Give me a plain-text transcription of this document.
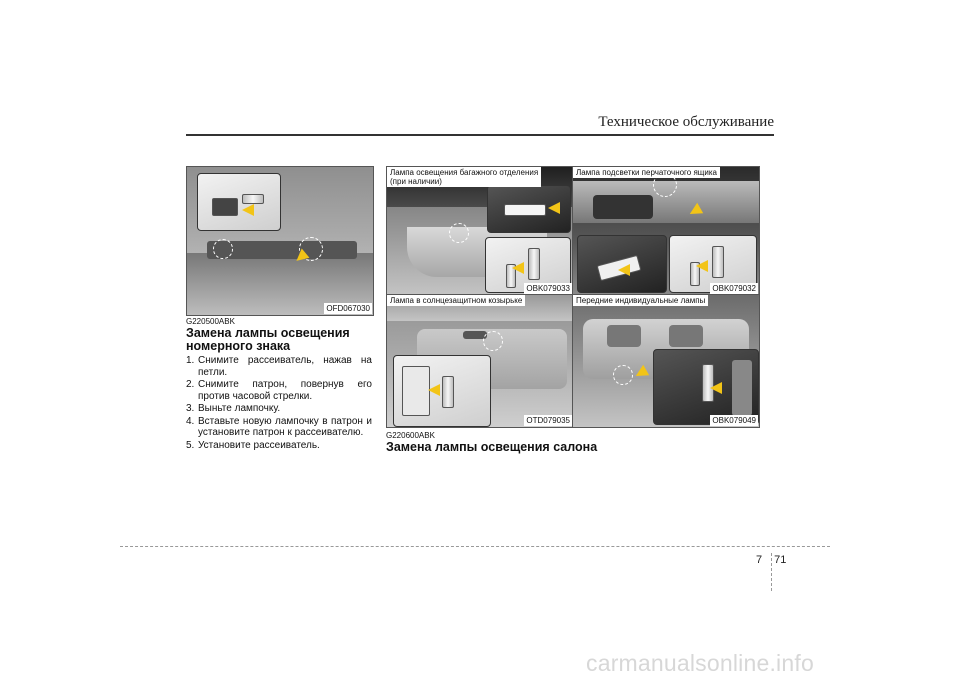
Техническое обслуживание
OFD067030
G220500ABK
Замена лампы освещения
номерного знака
1. Снимите рассеиватель, нажав на петли.
2. Снимите патрон, повернув его против часовой стрелки.
3. Выньте лампочку.
4. Вставьте новую лампочку в патрон и установите патрон к рассеивателю.
5. Установите рассеиватель.
Лампа освещения багажного отделения
(при наличии)
OBK079033
Лампа подсветки перчаточного ящика
OBK079032
Лампа в солнцезащитном козырьке
OTD079035
Передние индивидуальные лампы
OBK079049
G220600ABK
Замена лампы освещения салона
7 71
carmanualsonline.info
